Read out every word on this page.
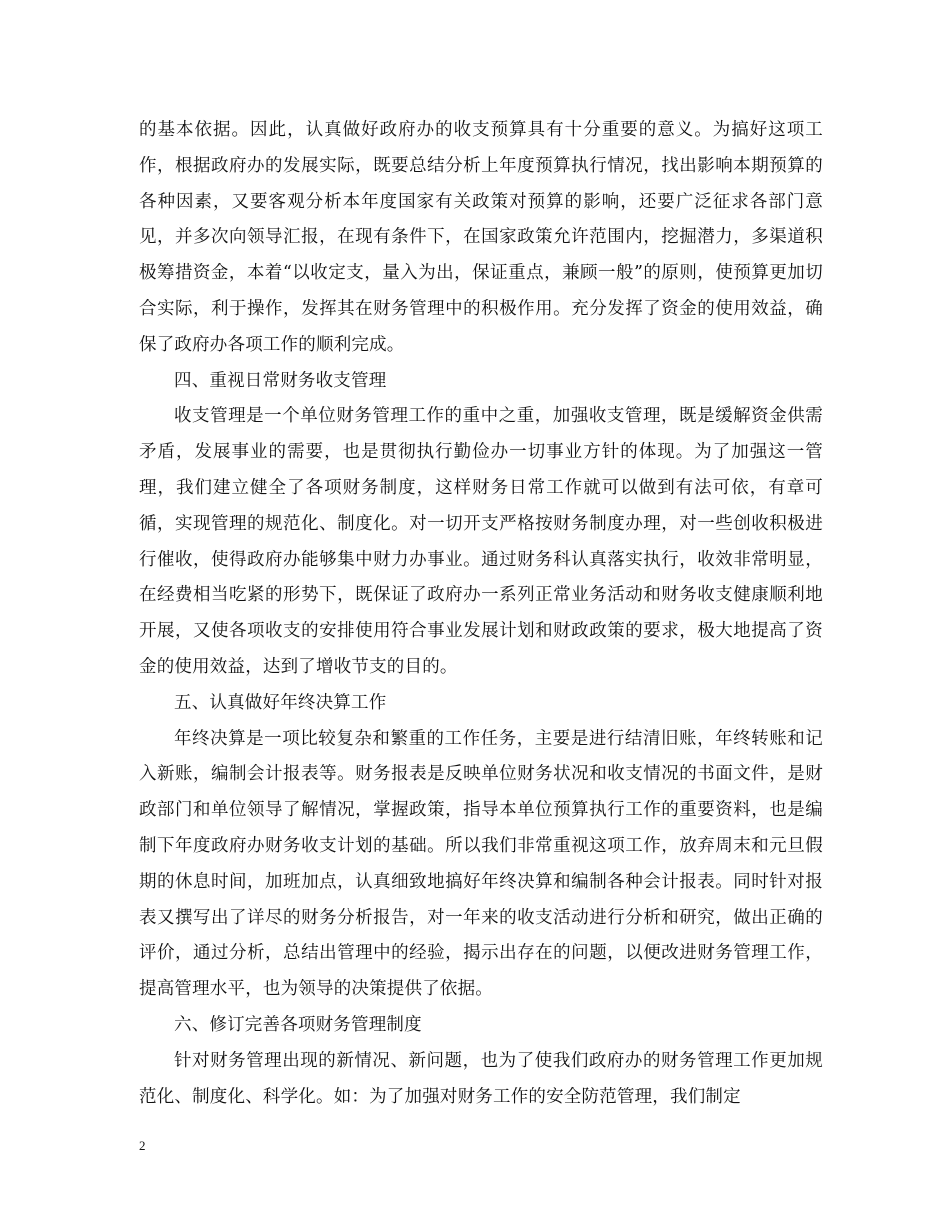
的基本依据。因此，认真做好政府办的收支预算具有十分重要的意义。为搞好这项工作，根据政府办的发展实际，既要总结分析上年度预算执行情况，找出影响本期预算的各种因素，又要客观分析本年度国家有关政策对预算的影响，还要广泛征求各部门意见，并多次向领导汇报，在现有条件下，在国家政策允许范围内，挖掘潜力，多渠道积极筹措资金，本着“以收定支，量入为出，保证重点，兼顾一般”的原则，使预算更加切合实际，利于操作，发挥其在财务管理中的积极作用。充分发挥了资金的使用效益，确保了政府办各项工作的顺利完成。

四、重视日常财务收支管理

收支管理是一个单位财务管理工作的重中之重，加强收支管理，既是缓解资金供需矛盾，发展事业的需要，也是贯彻执行勤俭办一切事业方针的体现。为了加强这一管理，我们建立健全了各项财务制度，这样财务日常工作就可以做到有法可依，有章可循，实现管理的规范化、制度化。对一切开支严格按财务制度办理，对一些创收积极进行催收，使得政府办能够集中财力办事业。通过财务科认真落实执行，收效非常明显，在经费相当吃紧的形势下，既保证了政府办一系列正常业务活动和财务收支健康顺利地开展，又使各项收支的安排使用符合事业发展计划和财政政策的要求，极大地提高了资金的使用效益，达到了增收节支的目的。

五、认真做好年终决算工作

年终决算是一项比较复杂和繁重的工作任务，主要是进行结清旧账，年终转账和记入新账，编制会计报表等。财务报表是反映单位财务状况和收支情况的书面文件，是财政部门和单位领导了解情况，掌握政策，指导本单位预算执行工作的重要资料，也是编制下年度政府办财务收支计划的基础。所以我们非常重视这项工作，放弃周末和元旦假期的休息时间，加班加点，认真细致地搞好年终决算和编制各种会计报表。同时针对报表又撰写出了详尽的财务分析报告，对一年来的收支活动进行分析和研究，做出正确的评价，通过分析，总结出管理中的经验，揭示出存在的问题，以便改进财务管理工作，提高管理水平，也为领导的决策提供了依据。

六、修订完善各项财务管理制度

针对财务管理出现的新情况、新问题，也为了使我们政府办的财务管理工作更加规范化、制度化、科学化。如：为了加强对财务工作的安全防范管理，我们制定

2
